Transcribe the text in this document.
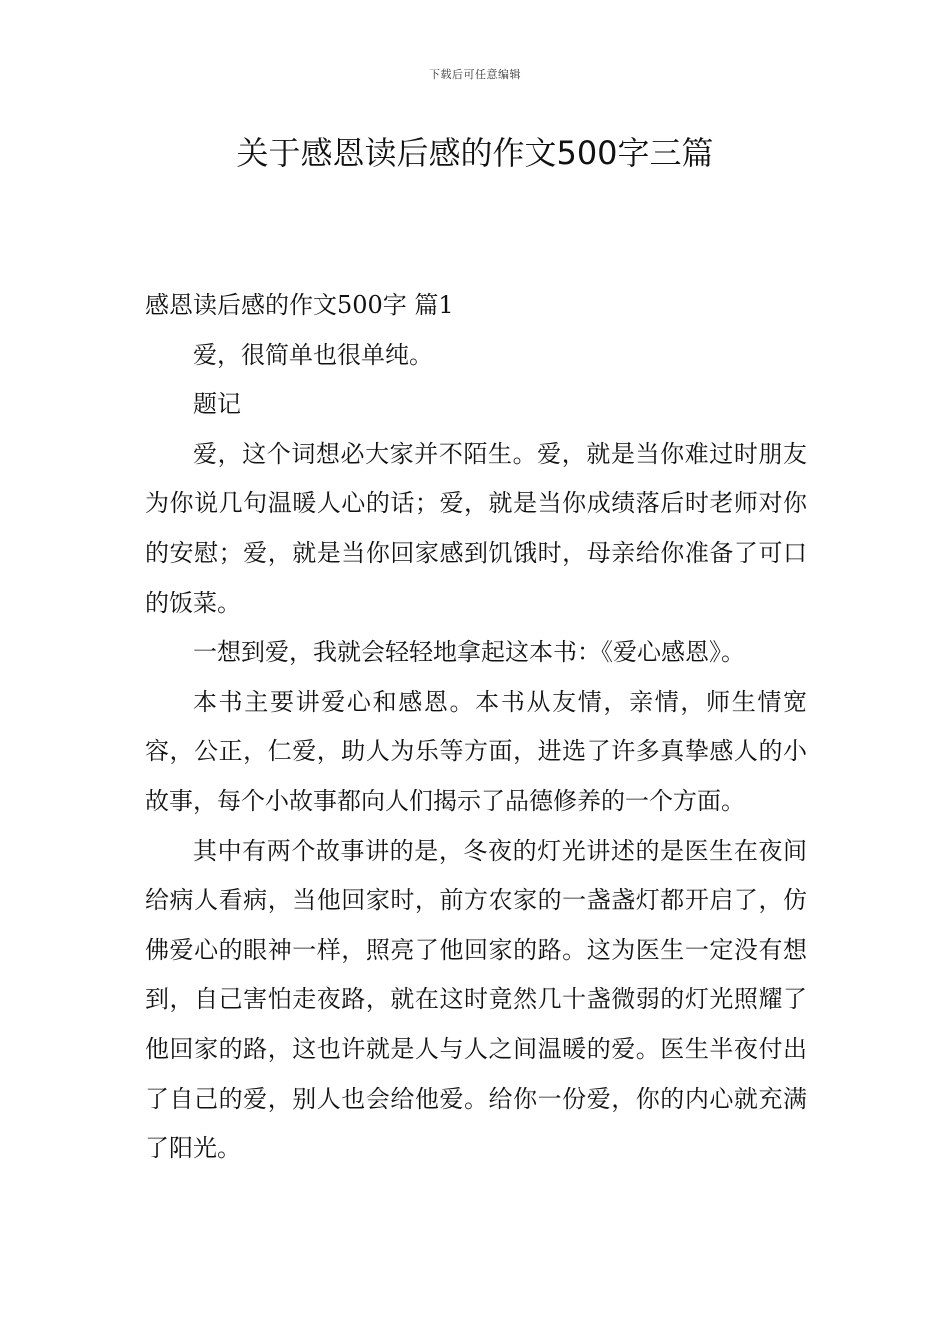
下载后可任意编辑
关于感恩读后感的作文500字三篇
感恩读后感的作文500字 篇1

爱，很简单也很单纯。

题记

爱，这个词想必大家并不陌生。爱，就是当你难过时朋友为你说几句温暖人心的话；爱，就是当你成绩落后时老师对你的安慰；爱，就是当你回家感到饥饿时，母亲给你准备了可口的饭菜。

一想到爱，我就会轻轻地拿起这本书：《爱心感恩》。

本书主要讲爱心和感恩。本书从友情，亲情，师生情宽容，公正，仁爱，助人为乐等方面，进选了许多真挚感人的小故事，每个小故事都向人们揭示了品德修养的一个方面。

其中有两个故事讲的是，冬夜的灯光讲述的是医生在夜间给病人看病，当他回家时，前方农家的一盏盏灯都开启了，仿佛爱心的眼神一样，照亮了他回家的路。这为医生一定没有想到，自己害怕走夜路，就在这时竟然几十盏微弱的灯光照耀了他回家的路，这也许就是人与人之间温暖的爱。医生半夜付出了自己的爱，别人也会给他爱。给你一份爱，你的内心就充满了阳光。
